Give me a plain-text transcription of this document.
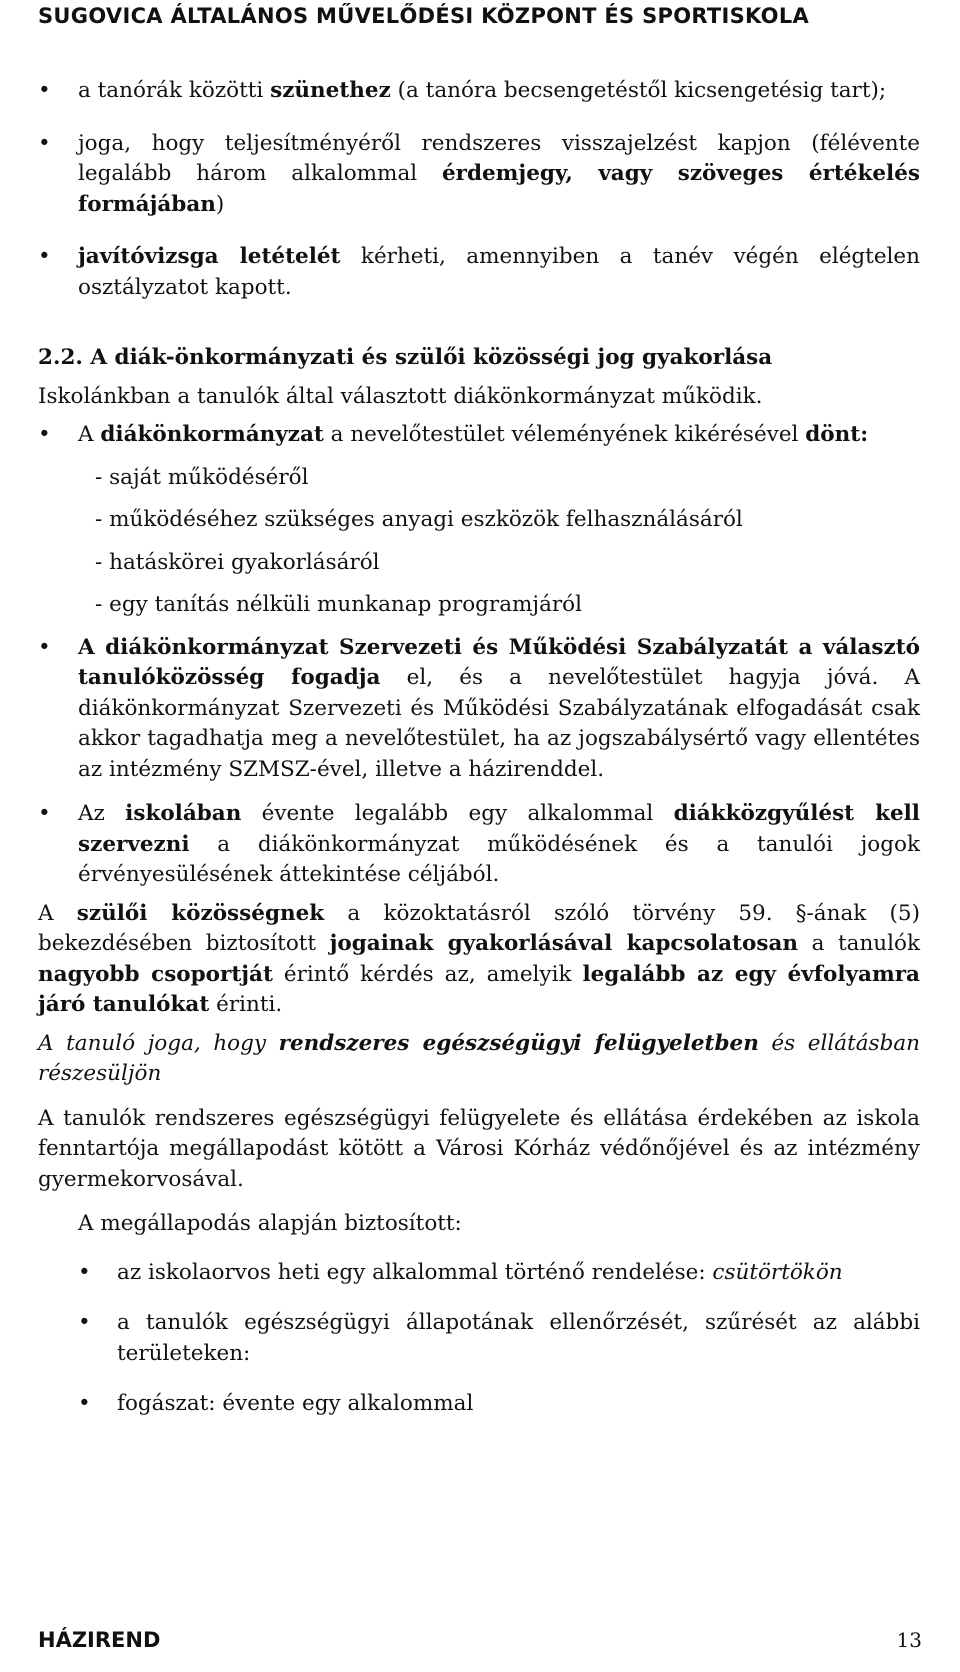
SUGOVICA ÁLTALÁNOS MŰVELŐDÉSI KÖZPONT ÉS SPORTISKOLA

• a tanórák közötti szünethez (a tanóra becsengetéstől kicsengetésig tart);

• joga, hogy teljesítményéről rendszeres visszajelzést kapjon (félévente legalább három alkalommal érdemjegy, vagy szöveges értékelés formájában)

• javítóvizsga letételét kérheti, amennyiben a tanév végén elégtelen osztályzatot kapott.

2.2. A diák-önkormányzati és szülői közösségi jog gyakorlása

Iskolánkban a tanulók által választott diákönkormányzat működik.

• A diákönkormányzat a nevelőtestület véleményének kikérésével dönt:

- saját működéséről

- működéséhez szükséges anyagi eszközök felhasználásáról

- hatáskörei gyakorlásáról

- egy tanítás nélküli munkanap programjáról

• A diákönkormányzat Szervezeti és Működési Szabályzatát a választó tanulóközösség fogadja el, és a nevelőtestület hagyja jóvá. A diákönkormányzat Szervezeti és Működési Szabályzatának elfogadását csak akkor tagadhatja meg a nevelőtestület, ha az jogszabálysértő vagy ellentétes az intézmény SZMSZ-ével, illetve a házirenddel.

• Az iskolában évente legalább egy alkalommal diákközgyűlést kell szervezni a diákönkormányzat működésének és a tanulói jogok érvényesülésének áttekintése céljából.

A szülői közösségnek a közoktatásról szóló törvény 59. §-ának (5) bekezdésében biztosított jogainak gyakorlásával kapcsolatosan a tanulók nagyobb csoportját érintő kérdés az, amelyik legalább az egy évfolyamra járó tanulókat érinti.

A tanuló joga, hogy rendszeres egészségügyi felügyeletben és ellátásban részesüljön

A tanulók rendszeres egészségügyi felügyelete és ellátása érdekében az iskola fenntartója megállapodást kötött a Városi Kórház védőnőjével és az intézmény gyermekorvosával.

A megállapodás alapján biztosított:

• az iskolaorvos heti egy alkalommal történő rendelése: csütörtökön

• a tanulók egészségügyi állapotának ellenőrzését, szűrését az alábbi területeken:

• fogászat: évente egy alkalommal

HÁZIREND	13
